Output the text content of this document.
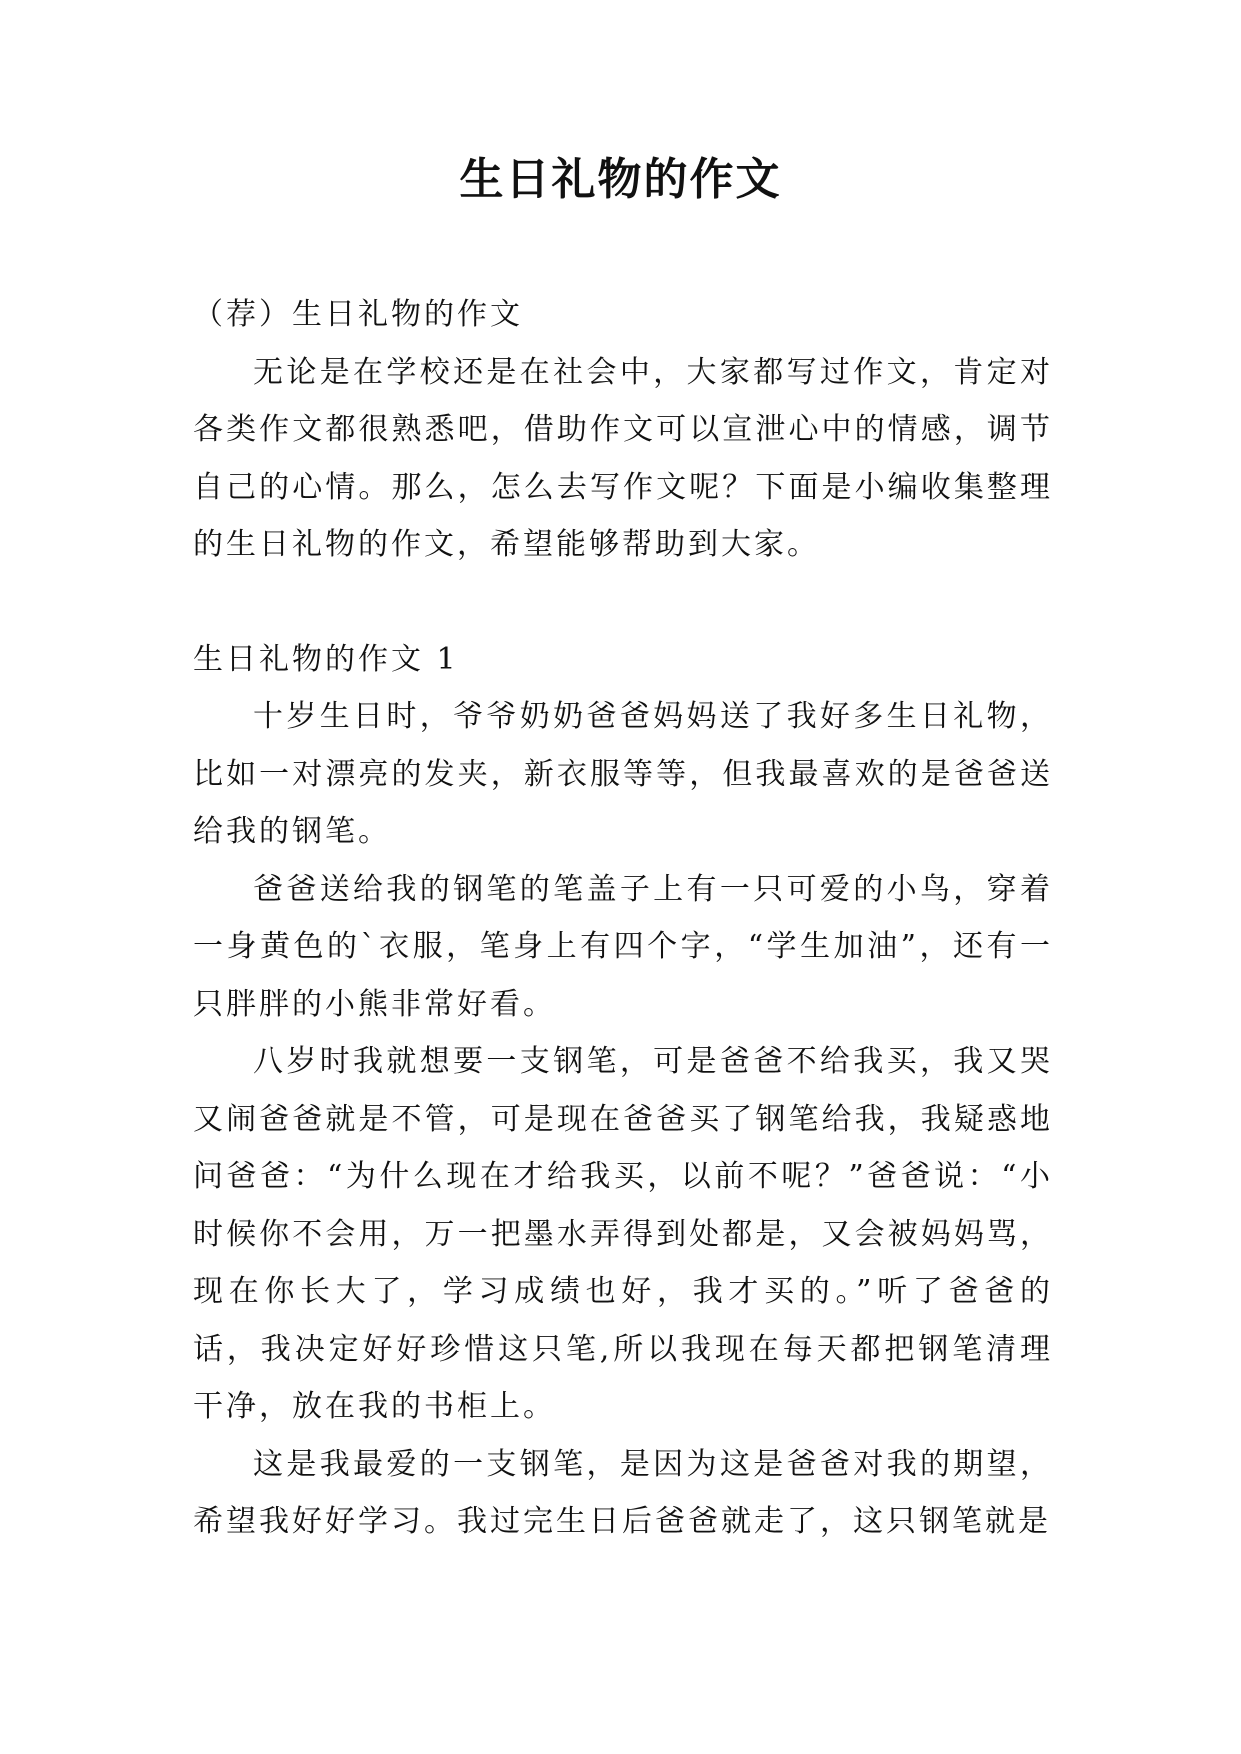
生日礼物的作文

（荐）生日礼物的作文

无论是在学校还是在社会中，大家都写过作文，肯定对各类作文都很熟悉吧，借助作文可以宣泄心中的情感，调节自己的心情。那么，怎么去写作文呢？下面是小编收集整理的生日礼物的作文，希望能够帮助到大家。

生日礼物的作文 1

十岁生日时，爷爷奶奶爸爸妈妈送了我好多生日礼物，比如一对漂亮的发夹，新衣服等等，但我最喜欢的是爸爸送给我的钢笔。

爸爸送给我的钢笔的笔盖子上有一只可爱的小鸟，穿着一身黄色的`衣服，笔身上有四个字，“学生加油”，还有一只胖胖的小熊非常好看。

八岁时我就想要一支钢笔，可是爸爸不给我买，我又哭又闹爸爸就是不管，可是现在爸爸买了钢笔给我，我疑惑地问爸爸：“为什么现在才给我买，以前不呢？”爸爸说：“小时候你不会用，万一把墨水弄得到处都是，又会被妈妈骂，现在你长大了，学习成绩也好，我才买的。”听了爸爸的话，我决定好好珍惜这只笔,所以我现在每天都把钢笔清理干净，放在我的书柜上。

这是我最爱的一支钢笔，是因为这是爸爸对我的期望，希望我好好学习。我过完生日后爸爸就走了，这只钢笔就是
